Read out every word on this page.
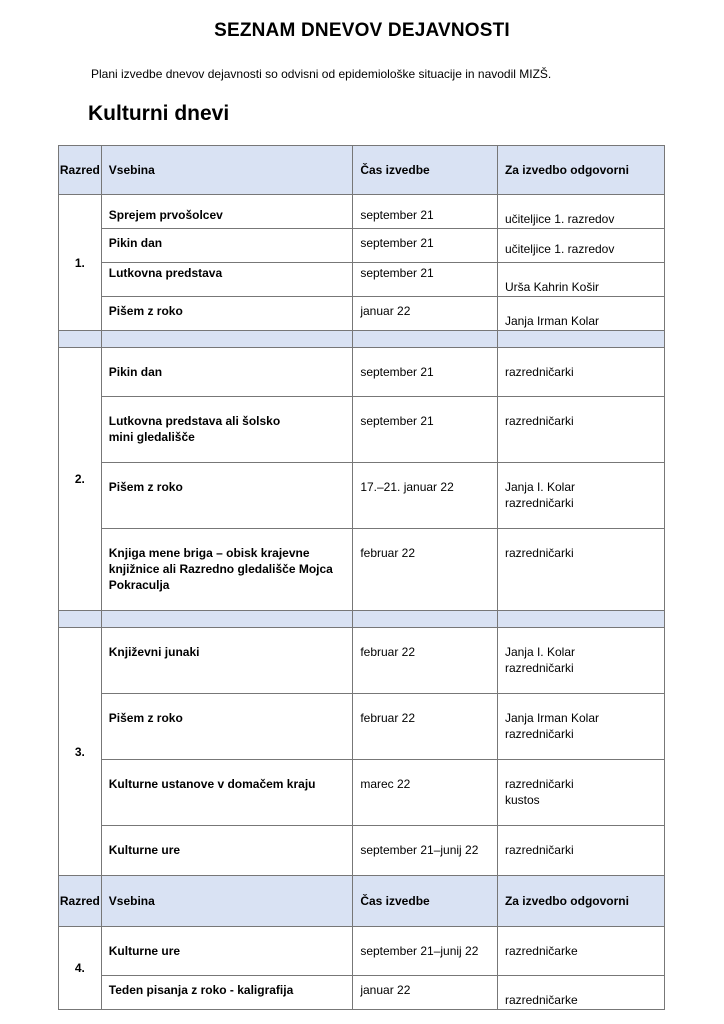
SEZNAM DNEVOV DEJAVNOSTI
Plani izvedbe dnevov dejavnosti so odvisni od epidemiološke situacije in navodil MIZŠ.
Kulturni dnevi
Razred	Vsebina	Čas izvedbe	Za izvedbo odgovorni
1.	Sprejem prvošolcev	september 21	učiteljice 1. razredov
	Pikin dan	september 21	učiteljice 1. razredov
	Lutkovna predstava	september 21	Urša Kahrin Košir
	Pišem z roko	januar 22	Janja Irman Kolar

2.	Pikin dan	september 21	razredničarki

	Lutkovna predstava ali šolsko
mini gledališče	september 21	razredničarki
	Pišem z roko	17.–21. januar 22	Janja I. Kolar
razredničarki

	Knjiga mene briga – obisk krajevne
knjižnice ali Razredno gledališče Mojca
Pokraculja	februar 22	razredničarki

3.	Književni junaki	februar 22	Janja I. Kolar
razredničarki

	Pišem z roko	februar 22	Janja Irman Kolar
razredničarki

	Kulturne ustanove v domačem kraju	marec 22	razredničarki
kustos

	Kulturne ure	september 21–junij 22	razredničarki
Razred	Vsebina	Čas izvedbe	Za izvedbo odgovorni
4.	Kulturne ure	september 21–junij 22	razredničarke
	Teden pisanja z roko - kaligrafija	januar 22	razredničarke
